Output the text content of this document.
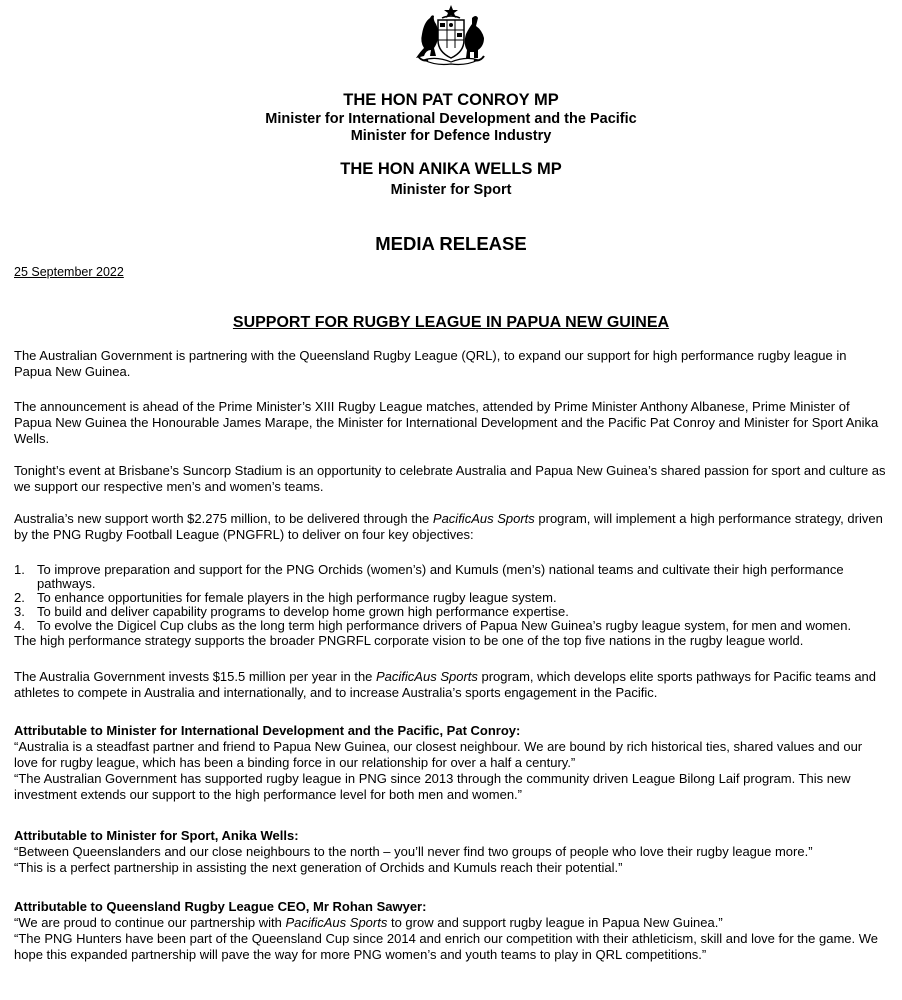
THE HON PAT CONROY MP
Minister for International Development and the Pacific
Minister for Defence Industry
THE HON ANIKA WELLS MP
Minister for Sport
MEDIA RELEASE
25 September 2022
SUPPORT FOR RUGBY LEAGUE IN PAPUA NEW GUINEA

The Australian Government is partnering with the Queensland Rugby League (QRL), to expand our support for high performance rugby league in Papua New Guinea.

The announcement is ahead of the Prime Minister’s XIII Rugby League matches, attended by Prime Minister Anthony Albanese, Prime Minister of Papua New Guinea the Honourable James Marape, the Minister for International Development and the Pacific Pat Conroy and Minister for Sport Anika Wells.

Tonight’s event at Brisbane’s Suncorp Stadium is an opportunity to celebrate Australia and Papua New Guinea’s shared passion for sport and culture as we support our respective men’s and women’s teams.

Australia’s new support worth $2.275 million, to be delivered through the PacificAus Sports program, will implement a high performance strategy, driven by the PNG Rugby Football League (PNGFRL) to deliver on four key objectives:

1. To improve preparation and support for the PNG Orchids (women’s) and Kumuls (men’s) national teams and cultivate their high performance pathways.
2. To enhance opportunities for female players in the high performance rugby league system.
3. To build and deliver capability programs to develop home grown high performance expertise.
4. To evolve the Digicel Cup clubs as the long term high performance drivers of Papua New Guinea’s rugby league system, for men and women.
The high performance strategy supports the broader PNGRFL corporate vision to be one of the top five nations in the rugby league world.

The Australia Government invests $15.5 million per year in the PacificAus Sports program, which develops elite sports pathways for Pacific teams and athletes to compete in Australia and internationally, and to increase Australia’s sports engagement in the Pacific.

Attributable to Minister for International Development and the Pacific, Pat Conroy:
“Australia is a steadfast partner and friend to Papua New Guinea, our closest neighbour. We are bound by rich historical ties, shared values and our love for rugby league, which has been a binding force in our relationship for over a half a century.”
“The Australian Government has supported rugby league in PNG since 2013 through the community driven League Bilong Laif program. This new investment extends our support to the high performance level for both men and women.”

Attributable to Minister for Sport, Anika Wells:
“Between Queenslanders and our close neighbours to the north – you’ll never find two groups of people who love their rugby league more.”
“This is a perfect partnership in assisting the next generation of Orchids and Kumuls reach their potential.”

Attributable to Queensland Rugby League CEO, Mr Rohan Sawyer:
“We are proud to continue our partnership with PacificAus Sports to grow and support rugby league in Papua New Guinea.”
“The PNG Hunters have been part of the Queensland Cup since 2014 and enrich our competition with their athleticism, skill and love for the game. We hope this expanded partnership will pave the way for more PNG women’s and youth teams to play in QRL competitions.”
